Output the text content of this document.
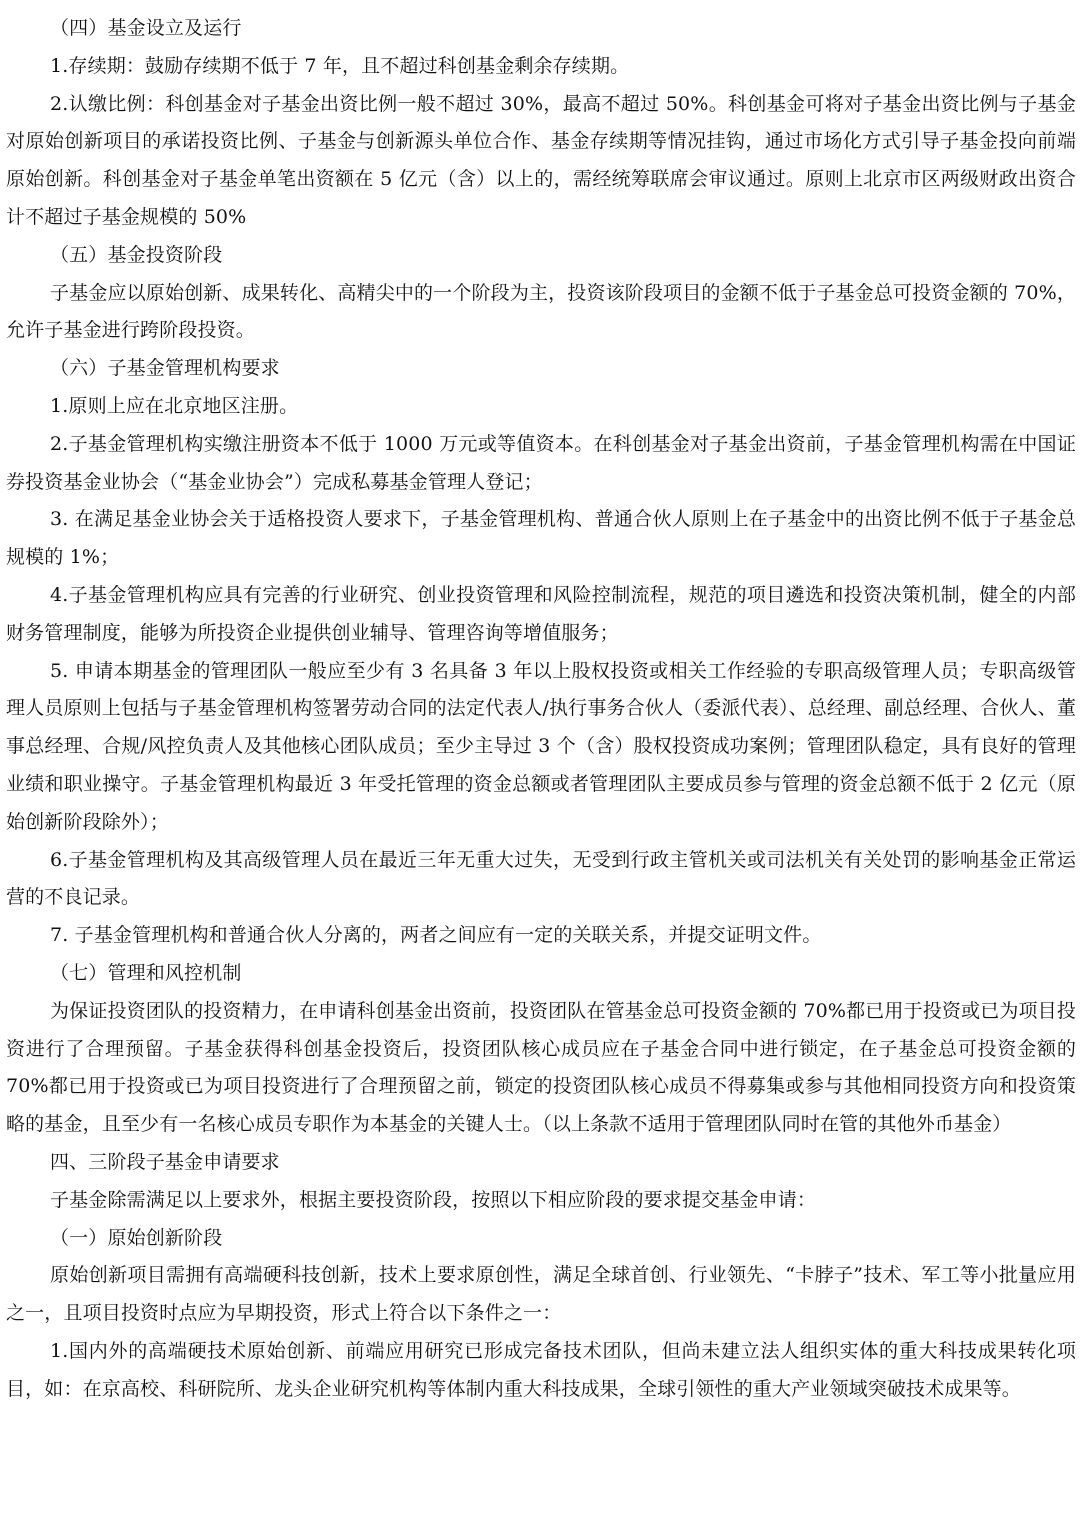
（四）基金设立及运行

1.存续期：鼓励存续期不低于 7 年，且不超过科创基金剩余存续期。

2.认缴比例：科创基金对子基金出资比例一般不超过 30%，最高不超过 50%。科创基金可将对子基金出资比例与子基金对原始创新项目的承诺投资比例、子基金与创新源头单位合作、基金存续期等情况挂钩，通过市场化方式引导子基金投向前端原始创新。科创基金对子基金单笔出资额在 5 亿元（含）以上的，需经统筹联席会审议通过。原则上北京市区两级财政出资合计不超过子基金规模的 50%

（五）基金投资阶段

子基金应以原始创新、成果转化、高精尖中的一个阶段为主，投资该阶段项目的金额不低于子基金总可投资金额的 70%，允许子基金进行跨阶段投资。

（六）子基金管理机构要求

1.原则上应在北京地区注册。

2.子基金管理机构实缴注册资本不低于 1000 万元或等值资本。在科创基金对子基金出资前，子基金管理机构需在中国证券投资基金业协会（“基金业协会”）完成私募基金管理人登记；

3. 在满足基金业协会关于适格投资人要求下，子基金管理机构、普通合伙人原则上在子基金中的出资比例不低于子基金总规模的 1%；

4.子基金管理机构应具有完善的行业研究、创业投资管理和风险控制流程，规范的项目遴选和投资决策机制，健全的内部财务管理制度，能够为所投资企业提供创业辅导、管理咨询等增值服务；

5. 申请本期基金的管理团队一般应至少有 3 名具备 3 年以上股权投资或相关工作经验的专职高级管理人员；专职高级管理人员原则上包括与子基金管理机构签署劳动合同的法定代表人/执行事务合伙人（委派代表）、总经理、副总经理、合伙人、董事总经理、合规/风控负责人及其他核心团队成员；至少主导过 3 个（含）股权投资成功案例；管理团队稳定，具有良好的管理业绩和职业操守。子基金管理机构最近 3 年受托管理的资金总额或者管理团队主要成员参与管理的资金总额不低于 2 亿元（原始创新阶段除外）；

6.子基金管理机构及其高级管理人员在最近三年无重大过失，无受到行政主管机关或司法机关有关处罚的影响基金正常运营的不良记录。

7. 子基金管理机构和普通合伙人分离的，两者之间应有一定的关联关系，并提交证明文件。

（七）管理和风控机制

为保证投资团队的投资精力，在申请科创基金出资前，投资团队在管基金总可投资金额的 70%都已用于投资或已为项目投资进行了合理预留。子基金获得科创基金投资后，投资团队核心成员应在子基金合同中进行锁定，在子基金总可投资金额的 70%都已用于投资或已为项目投资进行了合理预留之前，锁定的投资团队核心成员不得募集或参与其他相同投资方向和投资策略的基金，且至少有一名核心成员专职作为本基金的关键人士。（以上条款不适用于管理团队同时在管的其他外币基金）

四、三阶段子基金申请要求

子基金除需满足以上要求外，根据主要投资阶段，按照以下相应阶段的要求提交基金申请：

（一）原始创新阶段

原始创新项目需拥有高端硬科技创新，技术上要求原创性，满足全球首创、行业领先、“卡脖子”技术、军工等小批量应用之一，且项目投资时点应为早期投资，形式上符合以下条件之一：

1.国内外的高端硬技术原始创新、前端应用研究已形成完备技术团队，但尚未建立法人组织实体的重大科技成果转化项目，如：在京高校、科研院所、龙头企业研究机构等体制内重大科技成果，全球引领性的重大产业领域突破技术成果等。
